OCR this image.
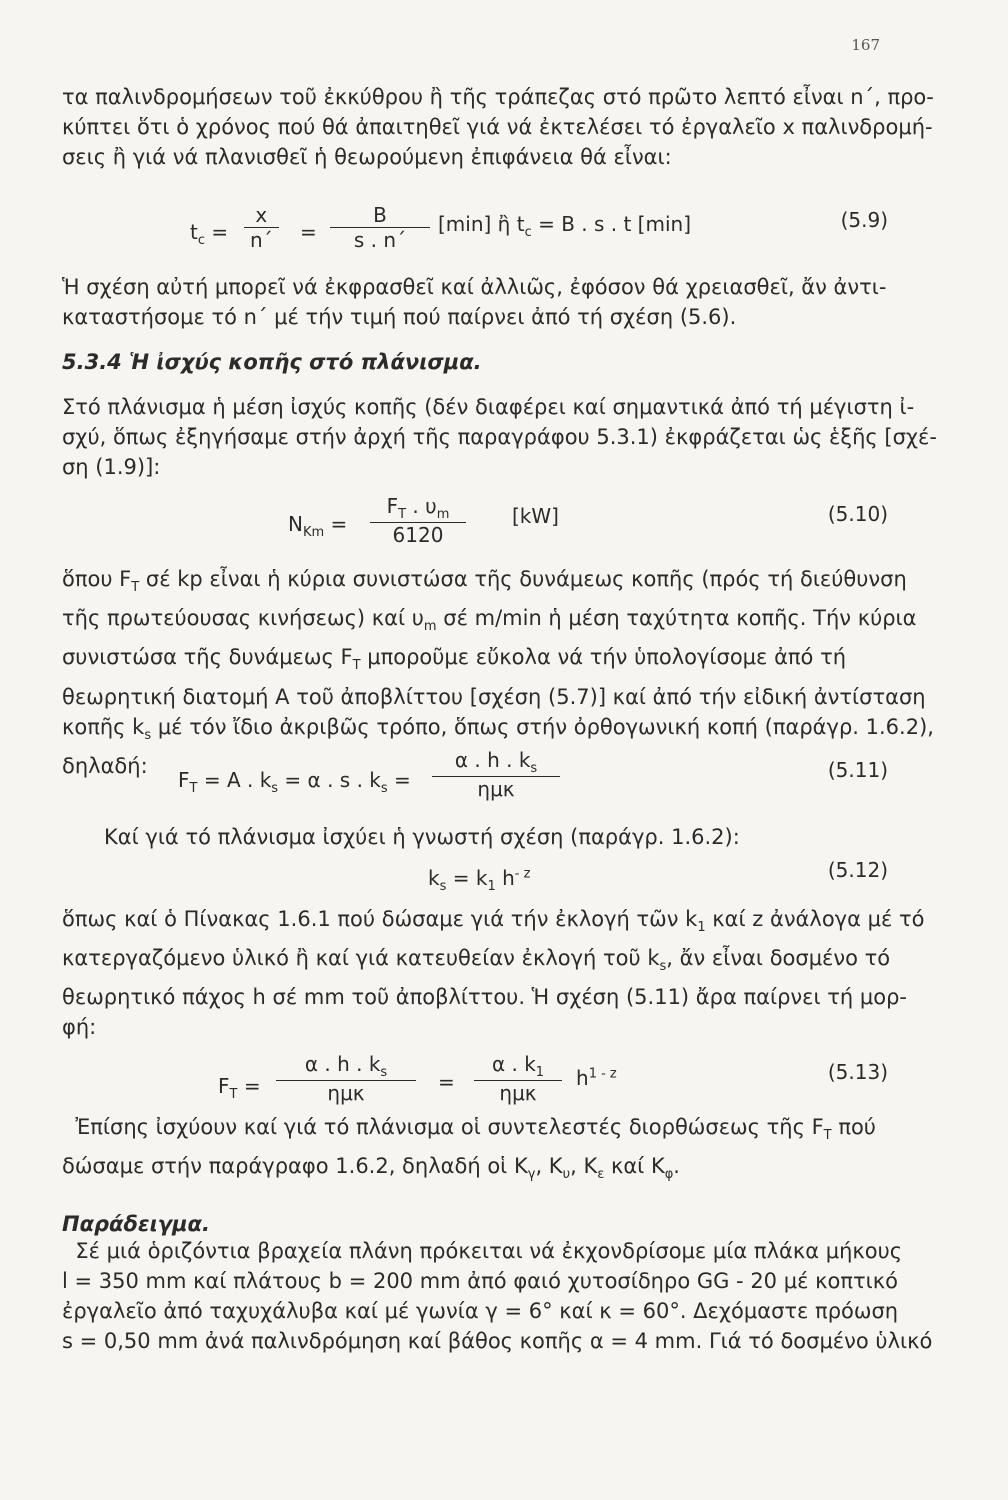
167
τα παλινδρομήσεων τοῦ ἐκκύθρου ἢ τῆς τράπεζας στό πρῶτο λεπτό εἶναι n΄, προ-
κύπτει ὅτι ὁ χρόνος πού θά ἀπαιτηθεῖ γιά νά ἐκτελέσει τό ἐργαλεῖο x παλινδρομή-
σεις ἢ γιά νά πλανισθεῖ ἡ θεωρούμενη ἐπιφάνεια θά εἶναι:
$t_c = \frac{x}{n΄} = \frac{B}{s . n΄} [\min]$ ἢ $t_c = B$ . s . t [min]	(5.9)
Ἡ σχέση αὐτή μπορεῖ νά ἐκφρασθεῖ καί ἀλλιῶς, ἐφόσον θά χρειασθεῖ, ἄν ἀντι-
καταστήσομε τό n΄ μέ τήν τιμή πού παίρνει ἀπό τή σχέση (5.6).
5.3.4 Ἡ ἰσχύς κοπῆς στό πλάνισμα.
Στό πλάνισμα ἡ μέση ἰσχύς κοπῆς (δέν διαφέρει καί σημαντικά ἀπό τή μέγιστη ἰ-
σχύ, ὅπως ἐξηγήσαμε στήν ἀρχή τῆς παραγράφου 5.3.1) ἐκφράζεται ὡς ἑξῆς [σχέ-
ση (1.9)]:
$N_{Km} = \frac{F_T . \upsilon_m}{6120} [kW]$	(5.10)
ὅπου $F_T$ σέ kp εἶναι ἡ κύρια συνιστώσα τῆς δυνάμεως κοπῆς (πρός τή διεύθυνση
τῆς πρωτεύουσας κινήσεως) καί $\upsilon_m$ σέ m/min ἡ μέση ταχύτητα κοπῆς. Τήν κύρια
συνιστώσα τῆς δυνάμεως $F_T$ μποροῦμε εὔκολα νά τήν ὑπολογίσομε ἀπό τή
θεωρητική διατομή A τοῦ ἀποβλίττου [σχέση (5.7)] καί ἀπό τήν εἰδική ἀντίσταση
κοπῆς $k_s$ μέ τόν ἴδιο ἀκριβῶς τρόπο, ὅπως στήν ὀρθογωνική κοπή (παράγρ. 1.6.2),
δηλαδή:
$F_T = A$ . $k_s = \alpha$ . s . $k_s$ =
α . h . $k_s$
ημκ
(5.11)
Καί γιά τό πλάνισμα ἰσχύει ἡ γνωστή σχέση (παράγρ. 1.6.2):
$k_s = k_1$ $h^{- z}$	(5.12)
ὅπως καί ὁ Πίνακας 1.6.1 πού δώσαμε γιά τήν ἐκλογή τῶν $k_1$ καί z ἀνάλογα μέ τό
κατεργαζόμενο ὑλικό ἢ καί γιά κατευθείαν ἐκλογή τοῦ $k_s$, ἄν εἶναι δοσμένο τό
θεωρητικό πάχος h σέ mm τοῦ ἀποβλίττου. Ἡ σχέση (5.11) ἄρα παίρνει τή μορ-
φή:
$F_T$ =
α . h . $k_s$
ημκ	=
α . $k_1$
ημκ
$h^{1 - z}$	(5.13)
Ἐπίσης ἰσχύουν καί γιά τό πλάνισμα οἱ συντελεστές διορθώσεως τῆς $F_T$ πού
δώσαμε στήν παράγραφο 1.6.2, δηλαδή οἱ $K_\gamma$, $K_\upsilon$, $K_\varepsilon$ καί $K_\varphi$.
Παράδειγμα.
Σέ μιά ὁριζόντια βραχεία πλάνη πρόκειται νά ἐκχονδρίσομε μία πλάκα μήκους
l = 350 mm καί πλάτους b = 200 mm ἀπό φαιό χυτοσίδηρο GG - 20 μέ κοπτικό
ἐργαλεῖο ἀπό ταχυχάλυβα καί μέ γωνία γ = 6° καί κ = 60°. Δεχόμαστε πρόωση
s = 0,50 mm ἀνά παλινδρόμηση καί βάθος κοπῆς α = 4 mm. Γιά τό δοσμένο ὑλικό
